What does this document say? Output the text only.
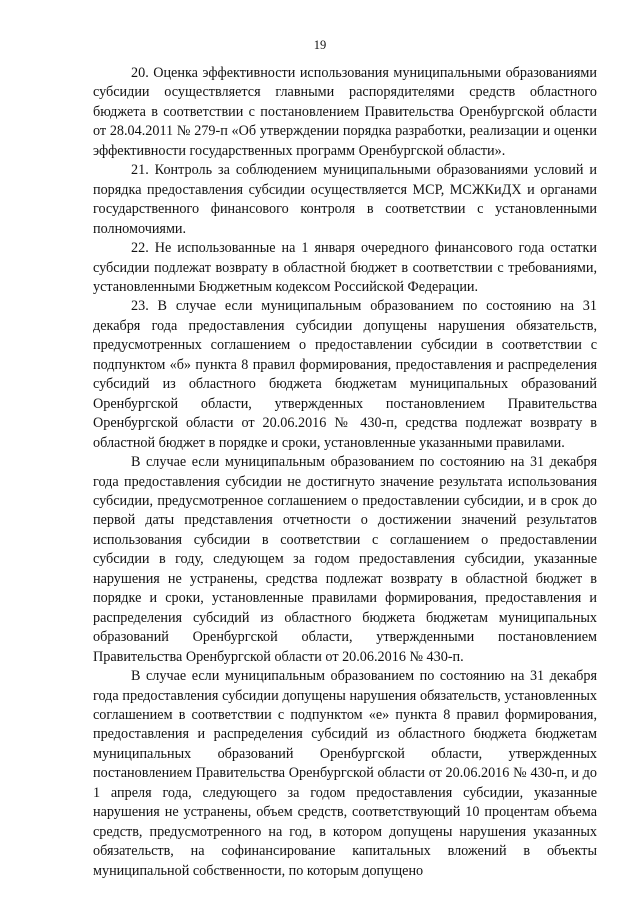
19

20. Оценка эффективности использования муниципальными образованиями субсидии осуществляется главными распорядителями средств областного бюджета в соответствии с постановлением Правительства Оренбургской области от 28.04.2011 № 279-п «Об утверждении порядка разработки, реализации и оценки эффективности государственных программ Оренбургской области».

21. Контроль за соблюдением муниципальными образованиями условий и порядка предоставления субсидии осуществляется МСР, МСЖКиДХ и органами государственного финансового контроля в соответствии с установленными полномочиями.

22. Не использованные на 1 января очередного финансового года остатки субсидии подлежат возврату в областной бюджет в соответствии с требованиями, установленными Бюджетным кодексом Российской Федерации.

23. В случае если муниципальным образованием по состоянию на 31 декабря года предоставления субсидии допущены нарушения обязательств, предусмотренных соглашением о предоставлении субсидии в соответствии с подпунктом «б» пункта 8 правил формирования, предоставления и распределения субсидий из областного бюджета бюджетам муниципальных образований Оренбургской области, утвержденных постановлением Правительства Оренбургской области от 20.06.2016 № 430-п, средства подлежат возврату в областной бюджет в порядке и сроки, установленные указанными правилами.

В случае если муниципальным образованием по состоянию на 31 декабря года предоставления субсидии не достигнуто значение результата использования субсидии, предусмотренное соглашением о предоставлении субсидии, и в срок до первой даты представления отчетности о достижении значений результатов использования субсидии в соответствии с соглашением о предоставлении субсидии в году, следующем за годом предоставления субсидии, указанные нарушения не устранены, средства подлежат возврату в областной бюджет в порядке и сроки, установленные правилами формирования, предоставления и распределения субсидий из областного бюджета бюджетам муниципальных образований Оренбургской области, утвержденными постановлением Правительства Оренбургской области от 20.06.2016 № 430-п.

В случае если муниципальным образованием по состоянию на 31 декабря года предоставления субсидии допущены нарушения обязательств, установленных соглашением в соответствии с подпунктом «е» пункта 8 правил формирования, предоставления и распределения субсидий из областного бюджета бюджетам муниципальных образований Оренбургской области, утвержденных постановлением Правительства Оренбургской области от 20.06.2016 № 430-п, и до 1 апреля года, следующего за годом предоставления субсидии, указанные нарушения не устранены, объем средств, соответствующий 10 процентам объема средств, предусмотренного на год, в котором допущены нарушения указанных обязательств, на софинансирование капитальных вложений в объекты муниципальной собственности, по которым допущено
